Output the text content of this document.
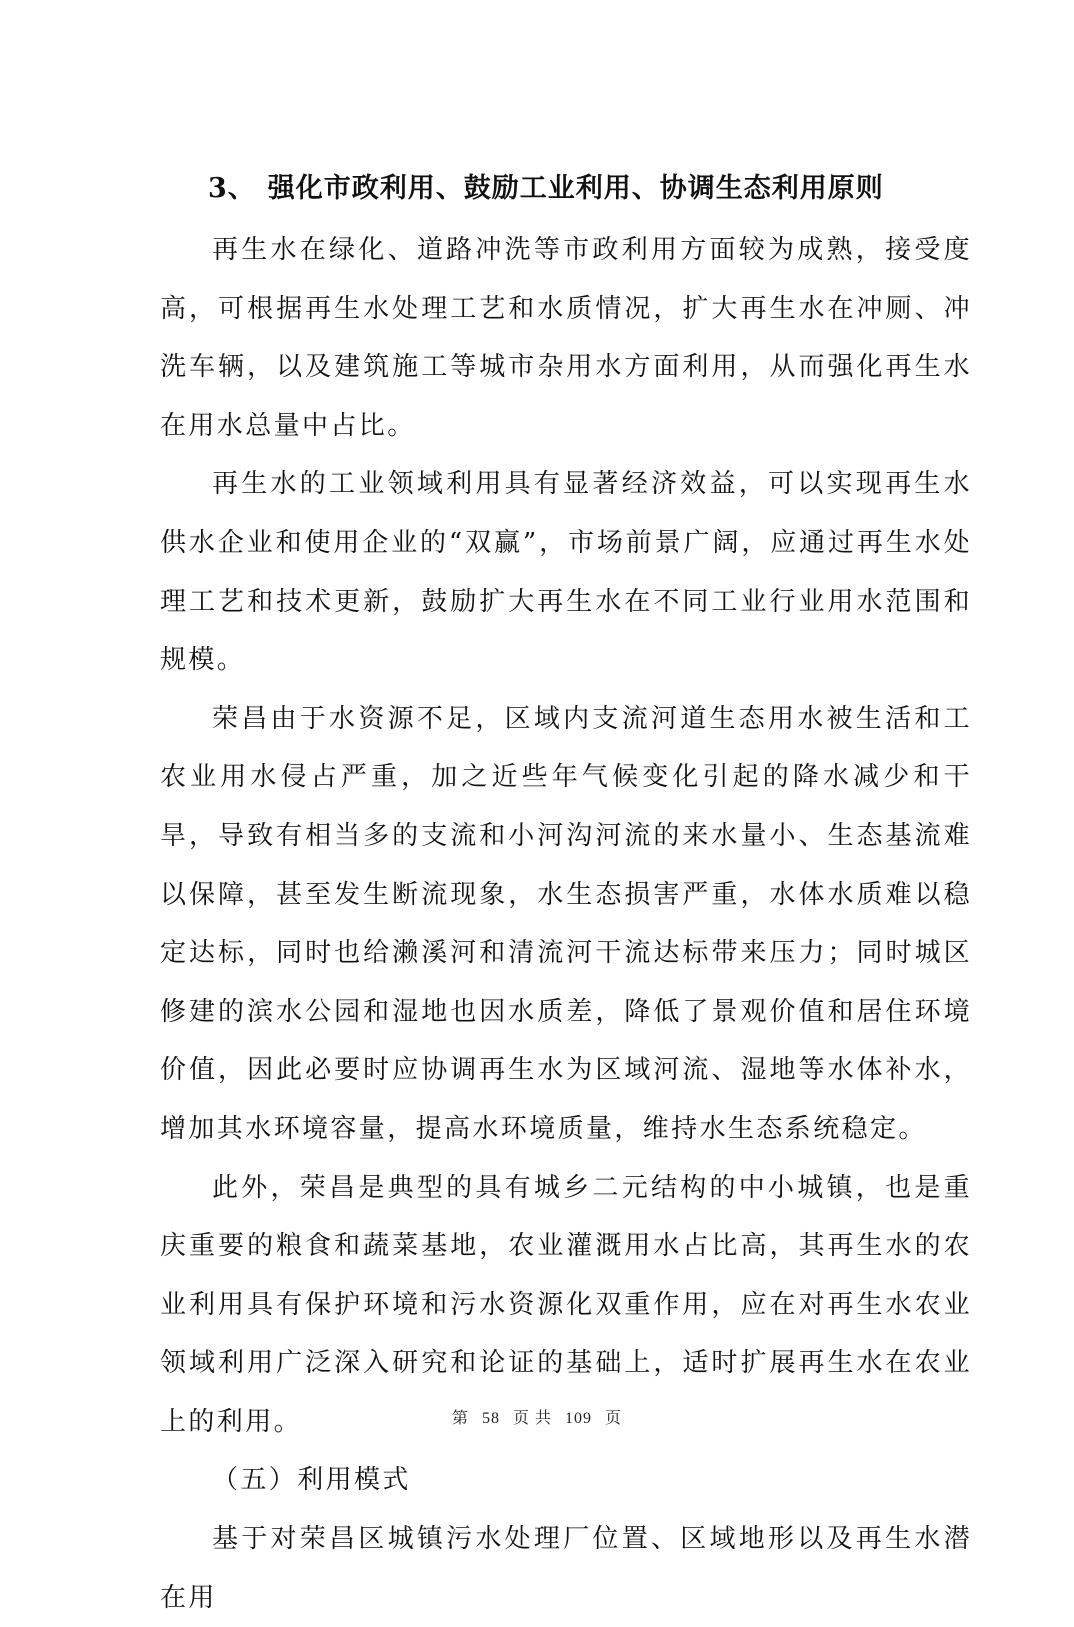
3、 强化市政利用、鼓励工业利用、协调生态利用原则

再生水在绿化、道路冲洗等市政利用方面较为成熟，接受度高，可根据再生水处理工艺和水质情况，扩大再生水在冲厕、冲洗车辆，以及建筑施工等城市杂用水方面利用，从而强化再生水在用水总量中占比。

再生水的工业领域利用具有显著经济效益，可以实现再生水供水企业和使用企业的“双赢”，市场前景广阔，应通过再生水处理工艺和技术更新，鼓励扩大再生水在不同工业行业用水范围和规模。

荣昌由于水资源不足，区域内支流河道生态用水被生活和工农业用水侵占严重，加之近些年气候变化引起的降水减少和干旱，导致有相当多的支流和小河沟河流的来水量小、生态基流难以保障，甚至发生断流现象，水生态损害严重，水体水质难以稳定达标，同时也给濑溪河和清流河干流达标带来压力；同时城区修建的滨水公园和湿地也因水质差，降低了景观价值和居住环境价值，因此必要时应协调再生水为区域河流、湿地等水体补水，增加其水环境容量，提高水环境质量，维持水生态系统稳定。

此外，荣昌是典型的具有城乡二元结构的中小城镇，也是重庆重要的粮食和蔬菜基地，农业灌溉用水占比高，其再生水的农业利用具有保护环境和污水资源化双重作用，应在对再生水农业领域利用广泛深入研究和论证的基础上，适时扩展再生水在农业上的利用。

（五）利用模式

基于对荣昌区城镇污水处理厂位置、区域地形以及再生水潜在用

第 58 页 共 109 页
